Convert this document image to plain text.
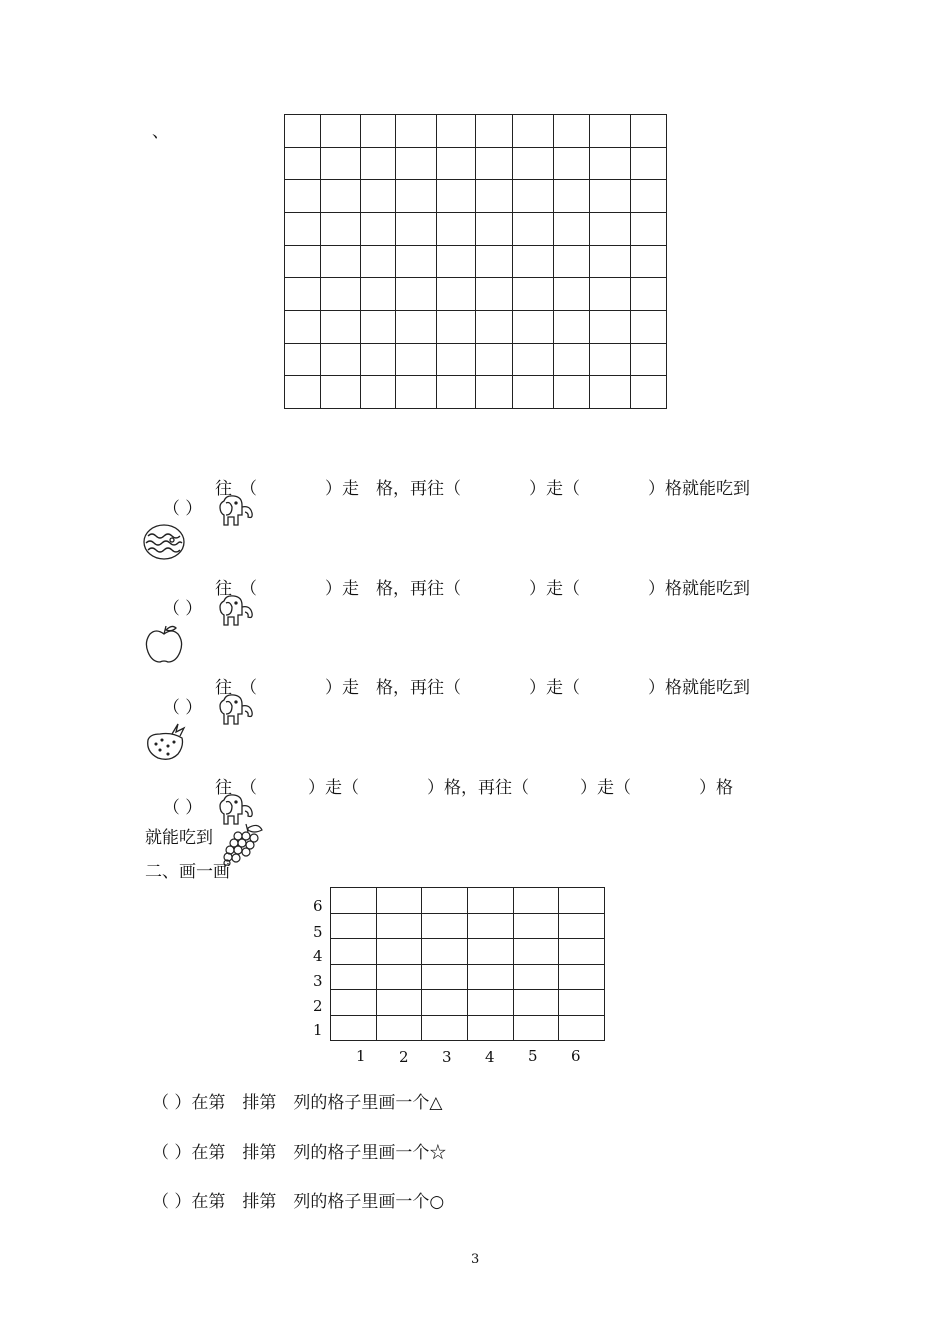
、

（ ）

往

（　　　　）走　格，再往（　　　　）走（　　　　）格就能吃到

（ ）

往

（　　　　）走　格，再往（　　　　）走（　　　　）格就能吃到

（ ）

往

（　　　　）走　格，再往（　　　　）走（　　　　）格就能吃到

（ ）

往

（　　　）走（　　　　）格，再往（　　　）走（　　　　）格

就能吃到
二、画一画
6
5
4
3
2
1

1 2 3 4 5 6
（ ）在第　排第　列的格子里画一个△
（ ）在第　排第　列的格子里画一个☆
（ ）在第　排第　列的格子里画一个○
3
